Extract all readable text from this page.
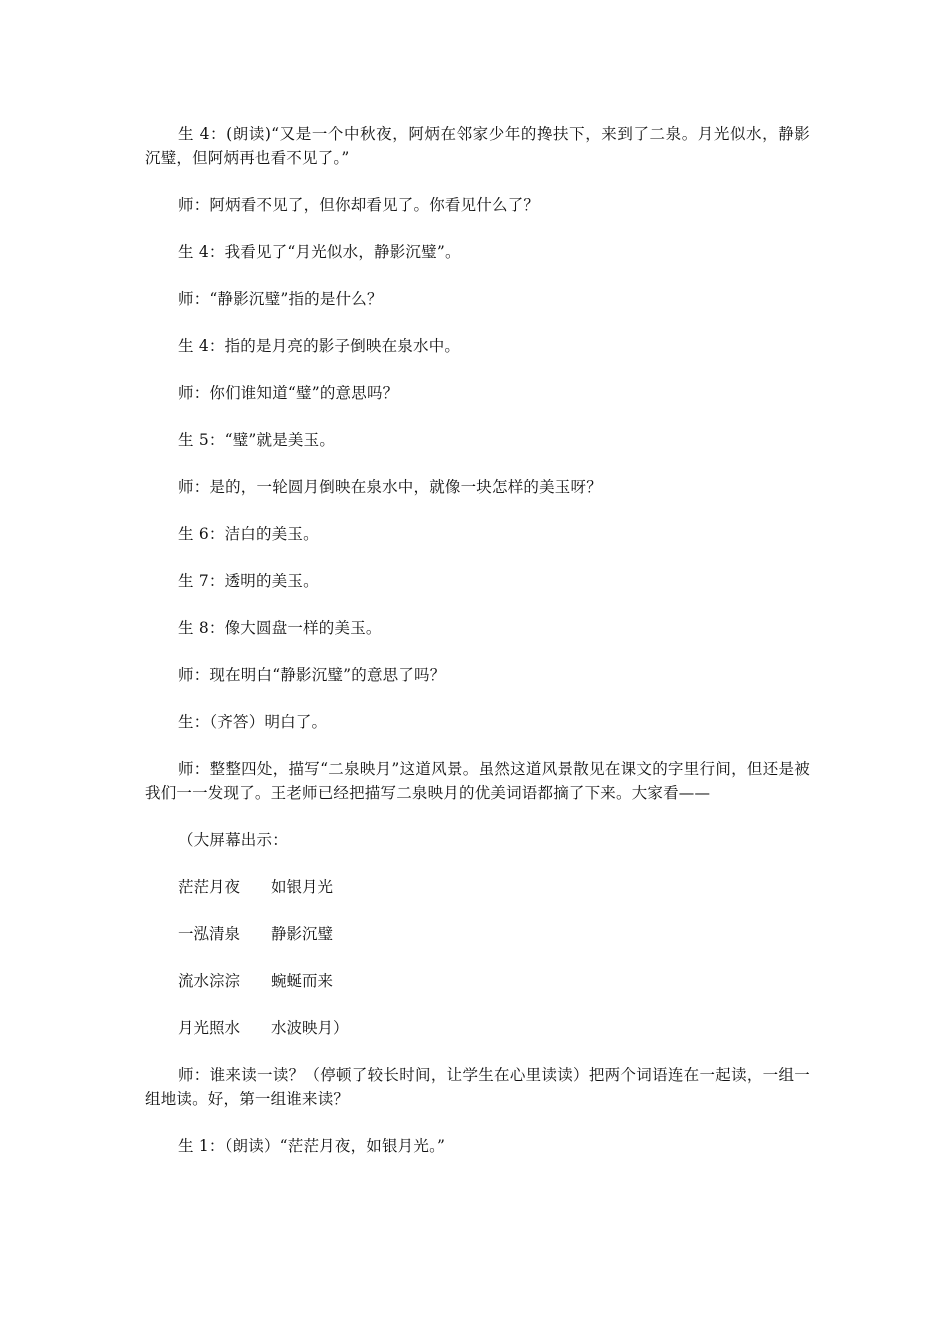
生 4：(朗读)“又是一个中秋夜，阿炳在邻家少年的搀扶下，来到了二泉。月光似水，静影沉璧，但阿炳再也看不见了。”

师：阿炳看不见了，但你却看见了。你看见什么了？

生 4：我看见了“月光似水，静影沉璧”。

师：“静影沉璧”指的是什么？

生 4：指的是月亮的影子倒映在泉水中。

师：你们谁知道“璧”的意思吗？

生 5：“璧”就是美玉。

师：是的，一轮圆月倒映在泉水中，就像一块怎样的美玉呀？

生 6：洁白的美玉。

生 7：透明的美玉。

生 8：像大圆盘一样的美玉。

师：现在明白“静影沉璧”的意思了吗？

生：（齐答）明白了。

师：整整四处，描写“二泉映月”这道风景。虽然这道风景散见在课文的字里行间，但还是被我们一一发现了。王老师已经把描写二泉映月的优美词语都摘了下来。大家看——

（大屏幕出示：

茫茫月夜 如银月光

一泓清泉 静影沉璧

流水淙淙 蜿蜒而来

月光照水 水波映月）

师：谁来读一读？（停顿了较长时间，让学生在心里读读）把两个词语连在一起读，一组一组地读。好，第一组谁来读？

生 1：（朗读）“茫茫月夜，如银月光。”
